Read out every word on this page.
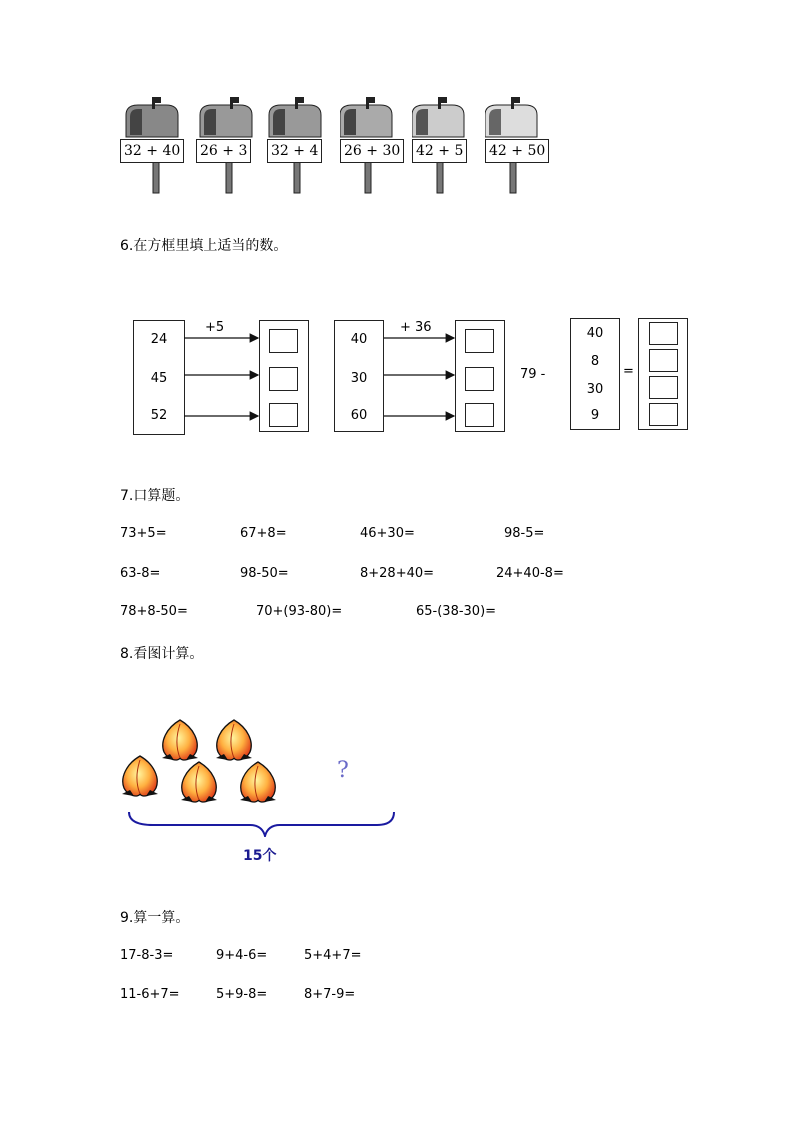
32 + 40 26 + 3 32 + 4 26 + 30 42 + 5 42 + 50
6.在方框里填上适当的数。
24
45
52
+5
40
30
60
+ 36
79 -
40
8
30
9
=
7.口算题。
73+5=	67+8=	46+30=	98-5=
63-8=	98-50=	8+28+40=	24+40-8=
78+8-50=	70+(93-80)=	65-(38-30)=
8.看图计算。
?
15个
9.算一算。
17-8-3=	9+4-6=	5+4+7=
11-6+7=	5+9-8=	8+7-9=
